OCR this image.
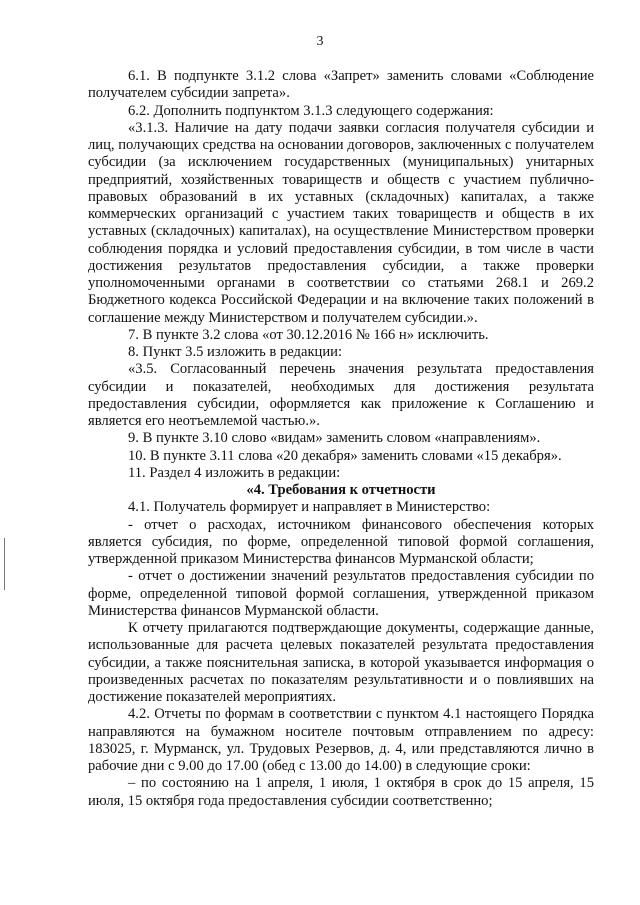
3

6.1. В подпункте 3.1.2 слова «Запрет» заменить словами «Соблюдение получателем субсидии запрета».

6.2. Дополнить подпунктом 3.1.3 следующего содержания:

«3.1.3. Наличие на дату подачи заявки согласия получателя субсидии и лиц, получающих средства на основании договоров, заключенных с получателем субсидии (за исключением государственных (муниципальных) унитарных предприятий, хозяйственных товариществ и обществ с участием публично-правовых образований в их уставных (складочных) капиталах, а также коммерческих организаций с участием таких товариществ и обществ в их уставных (складочных) капиталах), на осуществление Министерством проверки соблюдения порядка и условий предоставления субсидии, в том числе в части достижения результатов предоставления субсидии, а также проверки уполномоченными органами в соответствии со статьями 268.1 и 269.2 Бюджетного кодекса Российской Федерации и на включение таких положений в соглашение между Министерством и получателем субсидии.».

7. В пункте 3.2 слова «от 30.12.2016 № 166 н» исключить.

8. Пункт 3.5 изложить в редакции:

«3.5. Согласованный перечень значения результата предоставления субсидии и показателей, необходимых для достижения результата предоставления субсидии, оформляется как приложение к Соглашению и является его неотъемлемой частью.».

9. В пункте 3.10 слово «видам» заменить словом «направлениям».

10. В пункте 3.11 слова «20 декабря» заменить словами «15 декабря».

11. Раздел 4 изложить в редакции:

«4. Требования к отчетности

4.1. Получатель формирует и направляет в Министерство:

- отчет о расходах, источником финансового обеспечения которых является субсидия, по форме, определенной типовой формой соглашения, утвержденной приказом Министерства финансов Мурманской области;

- отчет о достижении значений результатов предоставления субсидии по форме, определенной типовой формой соглашения, утвержденной приказом Министерства финансов Мурманской области.

К отчету прилагаются подтверждающие документы, содержащие данные, использованные для расчета целевых показателей результата предоставления субсидии, а также пояснительная записка, в которой указывается информация о произведенных расчетах по показателям результативности и о повлиявших на достижение показателей мероприятиях.

4.2. Отчеты по формам в соответствии с пунктом 4.1 настоящего Порядка направляются на бумажном носителе почтовым отправлением по адресу: 183025, г. Мурманск, ул. Трудовых Резервов, д. 4, или представляются лично в рабочие дни с 9.00 до 17.00 (обед с 13.00 до 14.00) в следующие сроки:

– по состоянию на 1 апреля, 1 июля, 1 октября в срок до 15 апреля, 15 июля, 15 октября года предоставления субсидии соответственно;
